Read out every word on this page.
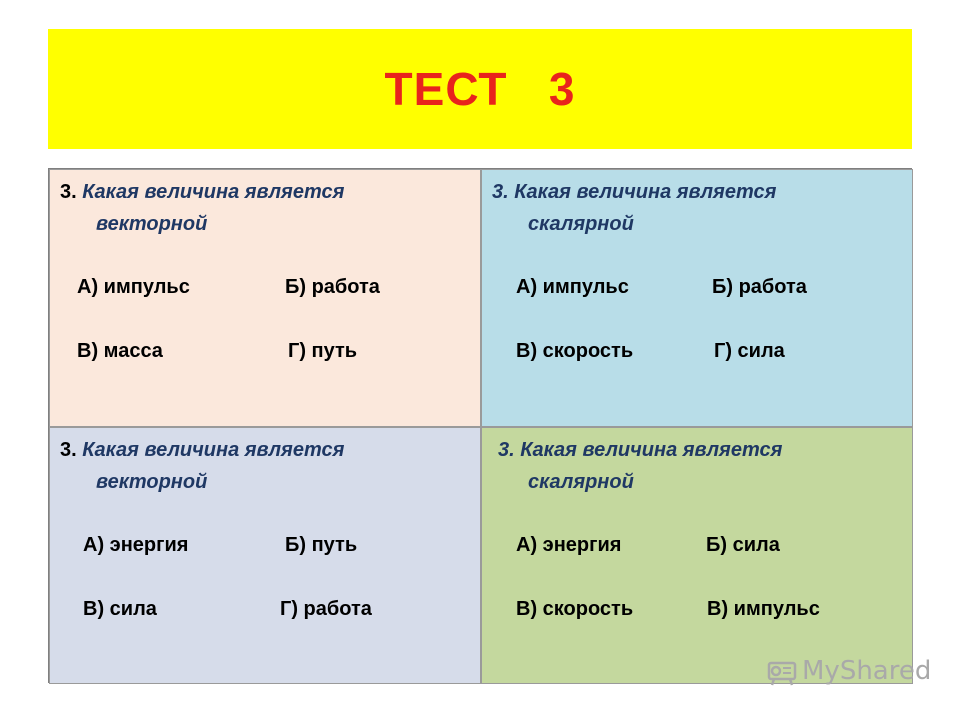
ТЕСТ   3
3. Какая величина является
векторной
А) импульс	Б) работа
В) масса	Г) путь
3. Какая величина является
скалярной
А) импульс	Б) работа
В) скорость	Г) сила
3. Какая величина является
векторной
А) энергия	Б) путь
В) сила	Г) работа
3. Какая величина является
скалярной
А) энергия	Б) сила
В) скорость	В) импульс
MyShared
